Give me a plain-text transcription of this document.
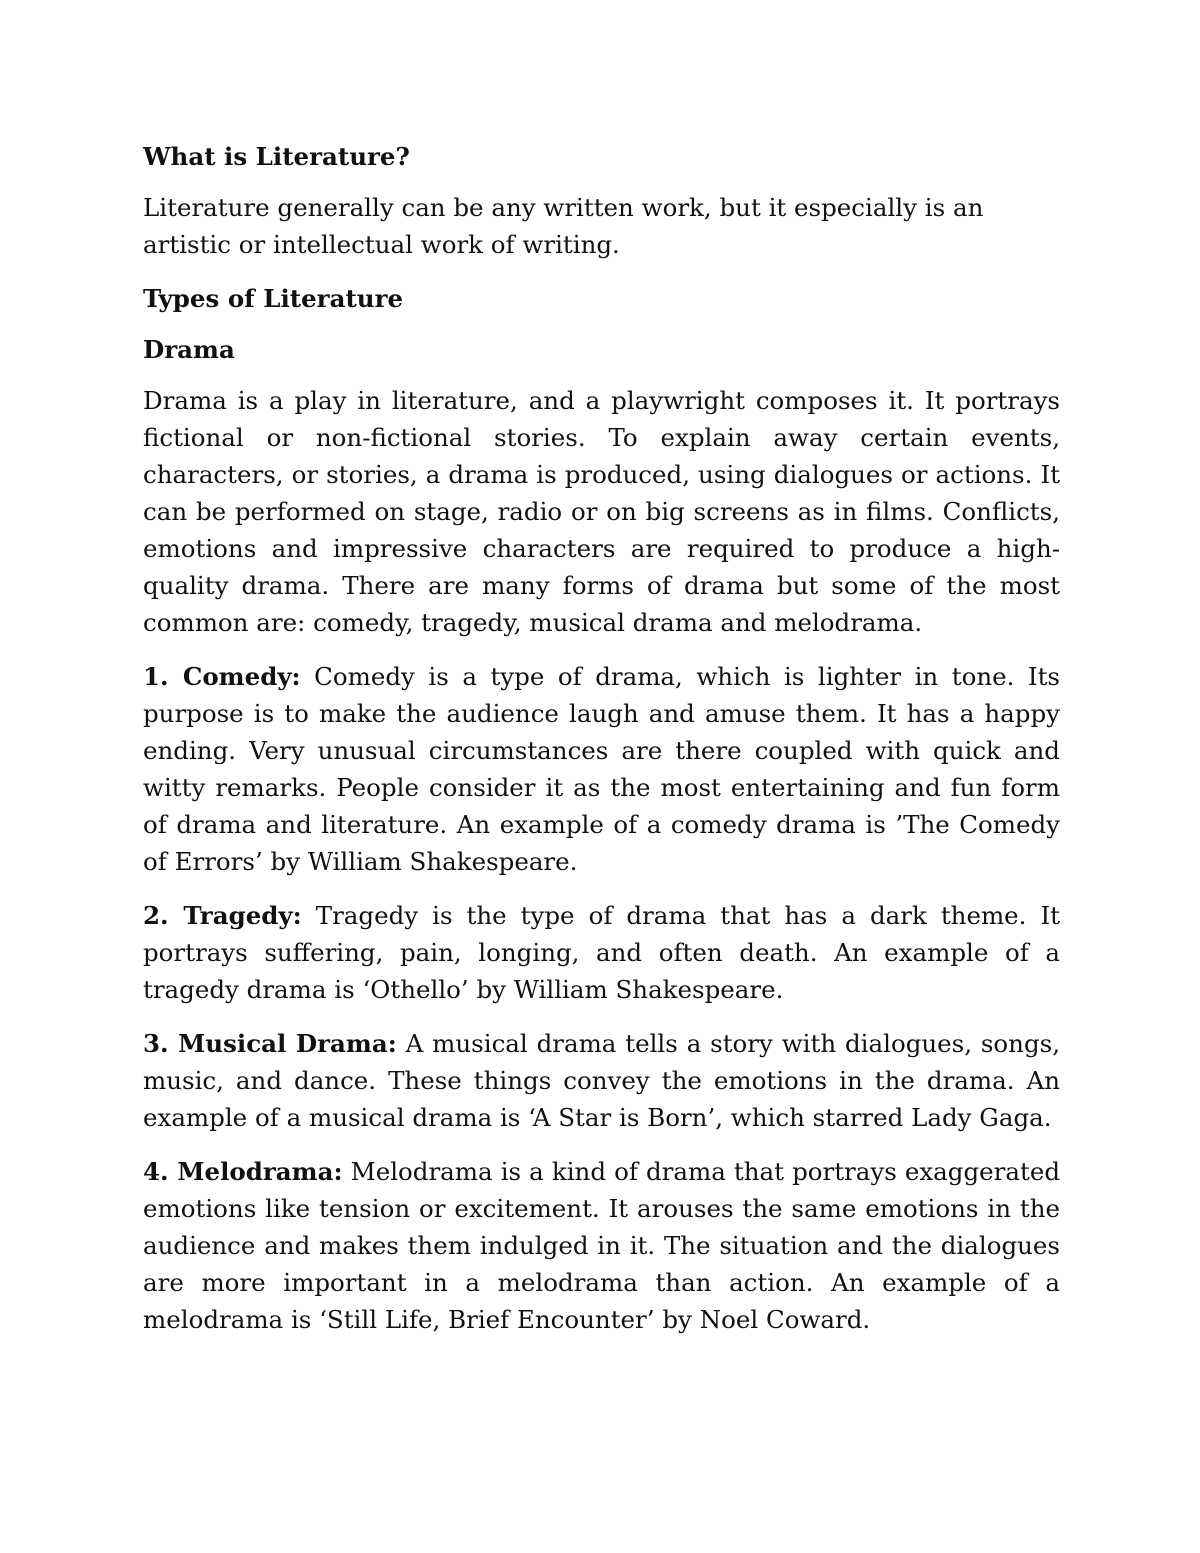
What is Literature?

Literature generally can be any written work, but it especially is an artistic or intellectual work of writing.

Types of Literature

Drama

Drama is a play in literature, and a playwright composes it. It portrays fictional or non-fictional stories. To explain away certain events, characters, or stories, a drama is produced, using dialogues or actions. It can be performed on stage, radio or on big screens as in films. Conflicts, emotions and impressive characters are required to produce a high-quality drama. There are many forms of drama but some of the most common are: comedy, tragedy, musical drama and melodrama.

1. Comedy: Comedy is a type of drama, which is lighter in tone. Its purpose is to make the audience laugh and amuse them. It has a happy ending. Very unusual circumstances are there coupled with quick and witty remarks. People consider it as the most entertaining and fun form of drama and literature. An example of a comedy drama is ’The Comedy of Errors’ by William Shakespeare.

2. Tragedy: Tragedy is the type of drama that has a dark theme. It portrays suffering, pain, longing, and often death. An example of a tragedy drama is ‘Othello’ by William Shakespeare.

3. Musical Drama: A musical drama tells a story with dialogues, songs, music, and dance. These things convey the emotions in the drama. An example of a musical drama is ‘A Star is Born’, which starred Lady Gaga.

4. Melodrama: Melodrama is a kind of drama that portrays exaggerated emotions like tension or excitement. It arouses the same emotions in the audience and makes them indulged in it. The situation and the dialogues are more important in a melodrama than action. An example of a melodrama is ‘Still Life, Brief Encounter’ by Noel Coward.
